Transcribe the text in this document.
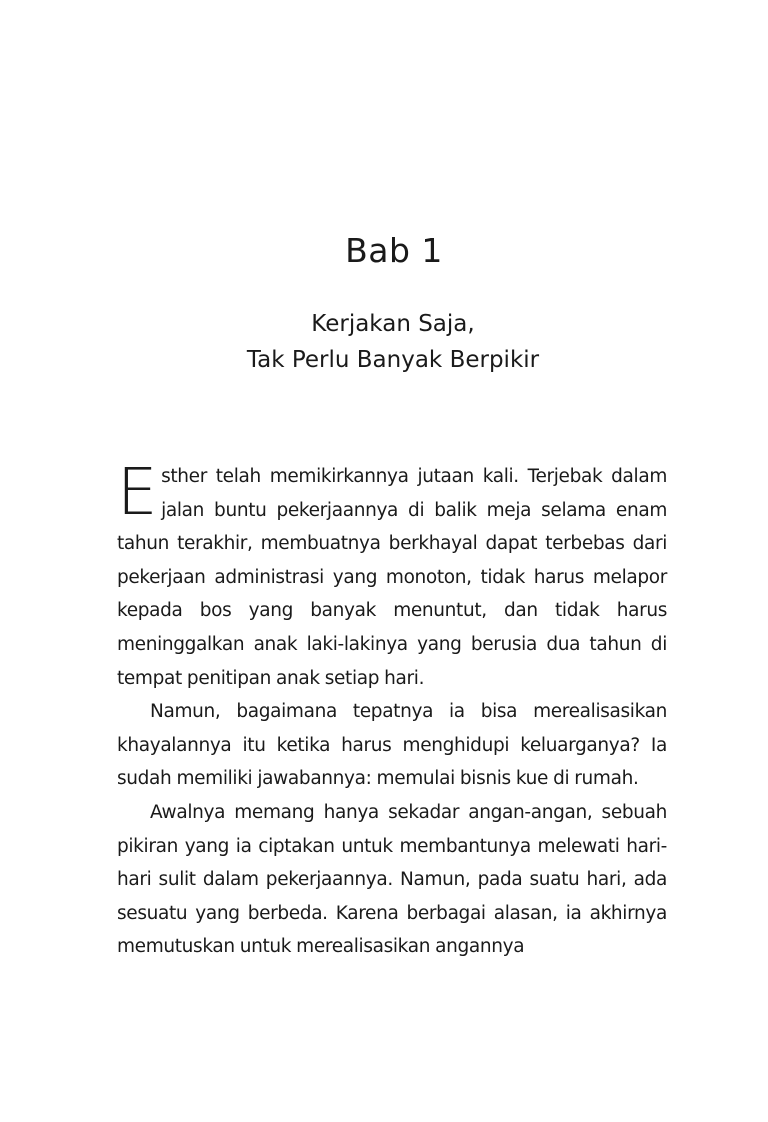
Bab 1
Kerjakan Saja,
Tak Perlu Banyak Berpikir

Esther telah memikirkannya jutaan kali. Terjebak dalam jalan buntu pekerjaannya di balik meja selama enam tahun terakhir, membuatnya berkhayal dapat terbebas dari pekerjaan administrasi yang monoton, tidak harus melapor kepada bos yang banyak menuntut, dan tidak harus meninggalkan anak laki-lakinya yang berusia dua tahun di tempat penitipan anak setiap hari.

Namun, bagaimana tepatnya ia bisa merealisasikan khayalannya itu ketika harus menghidupi keluarganya? Ia sudah memiliki jawabannya: memulai bisnis kue di rumah.

Awalnya memang hanya sekadar angan-angan, sebuah pikiran yang ia ciptakan untuk membantunya melewati hari-hari sulit dalam pekerjaannya. Namun, pada suatu hari, ada sesuatu yang berbeda. Karena berbagai alasan, ia akhirnya memutuskan untuk merealisasikan angannya
